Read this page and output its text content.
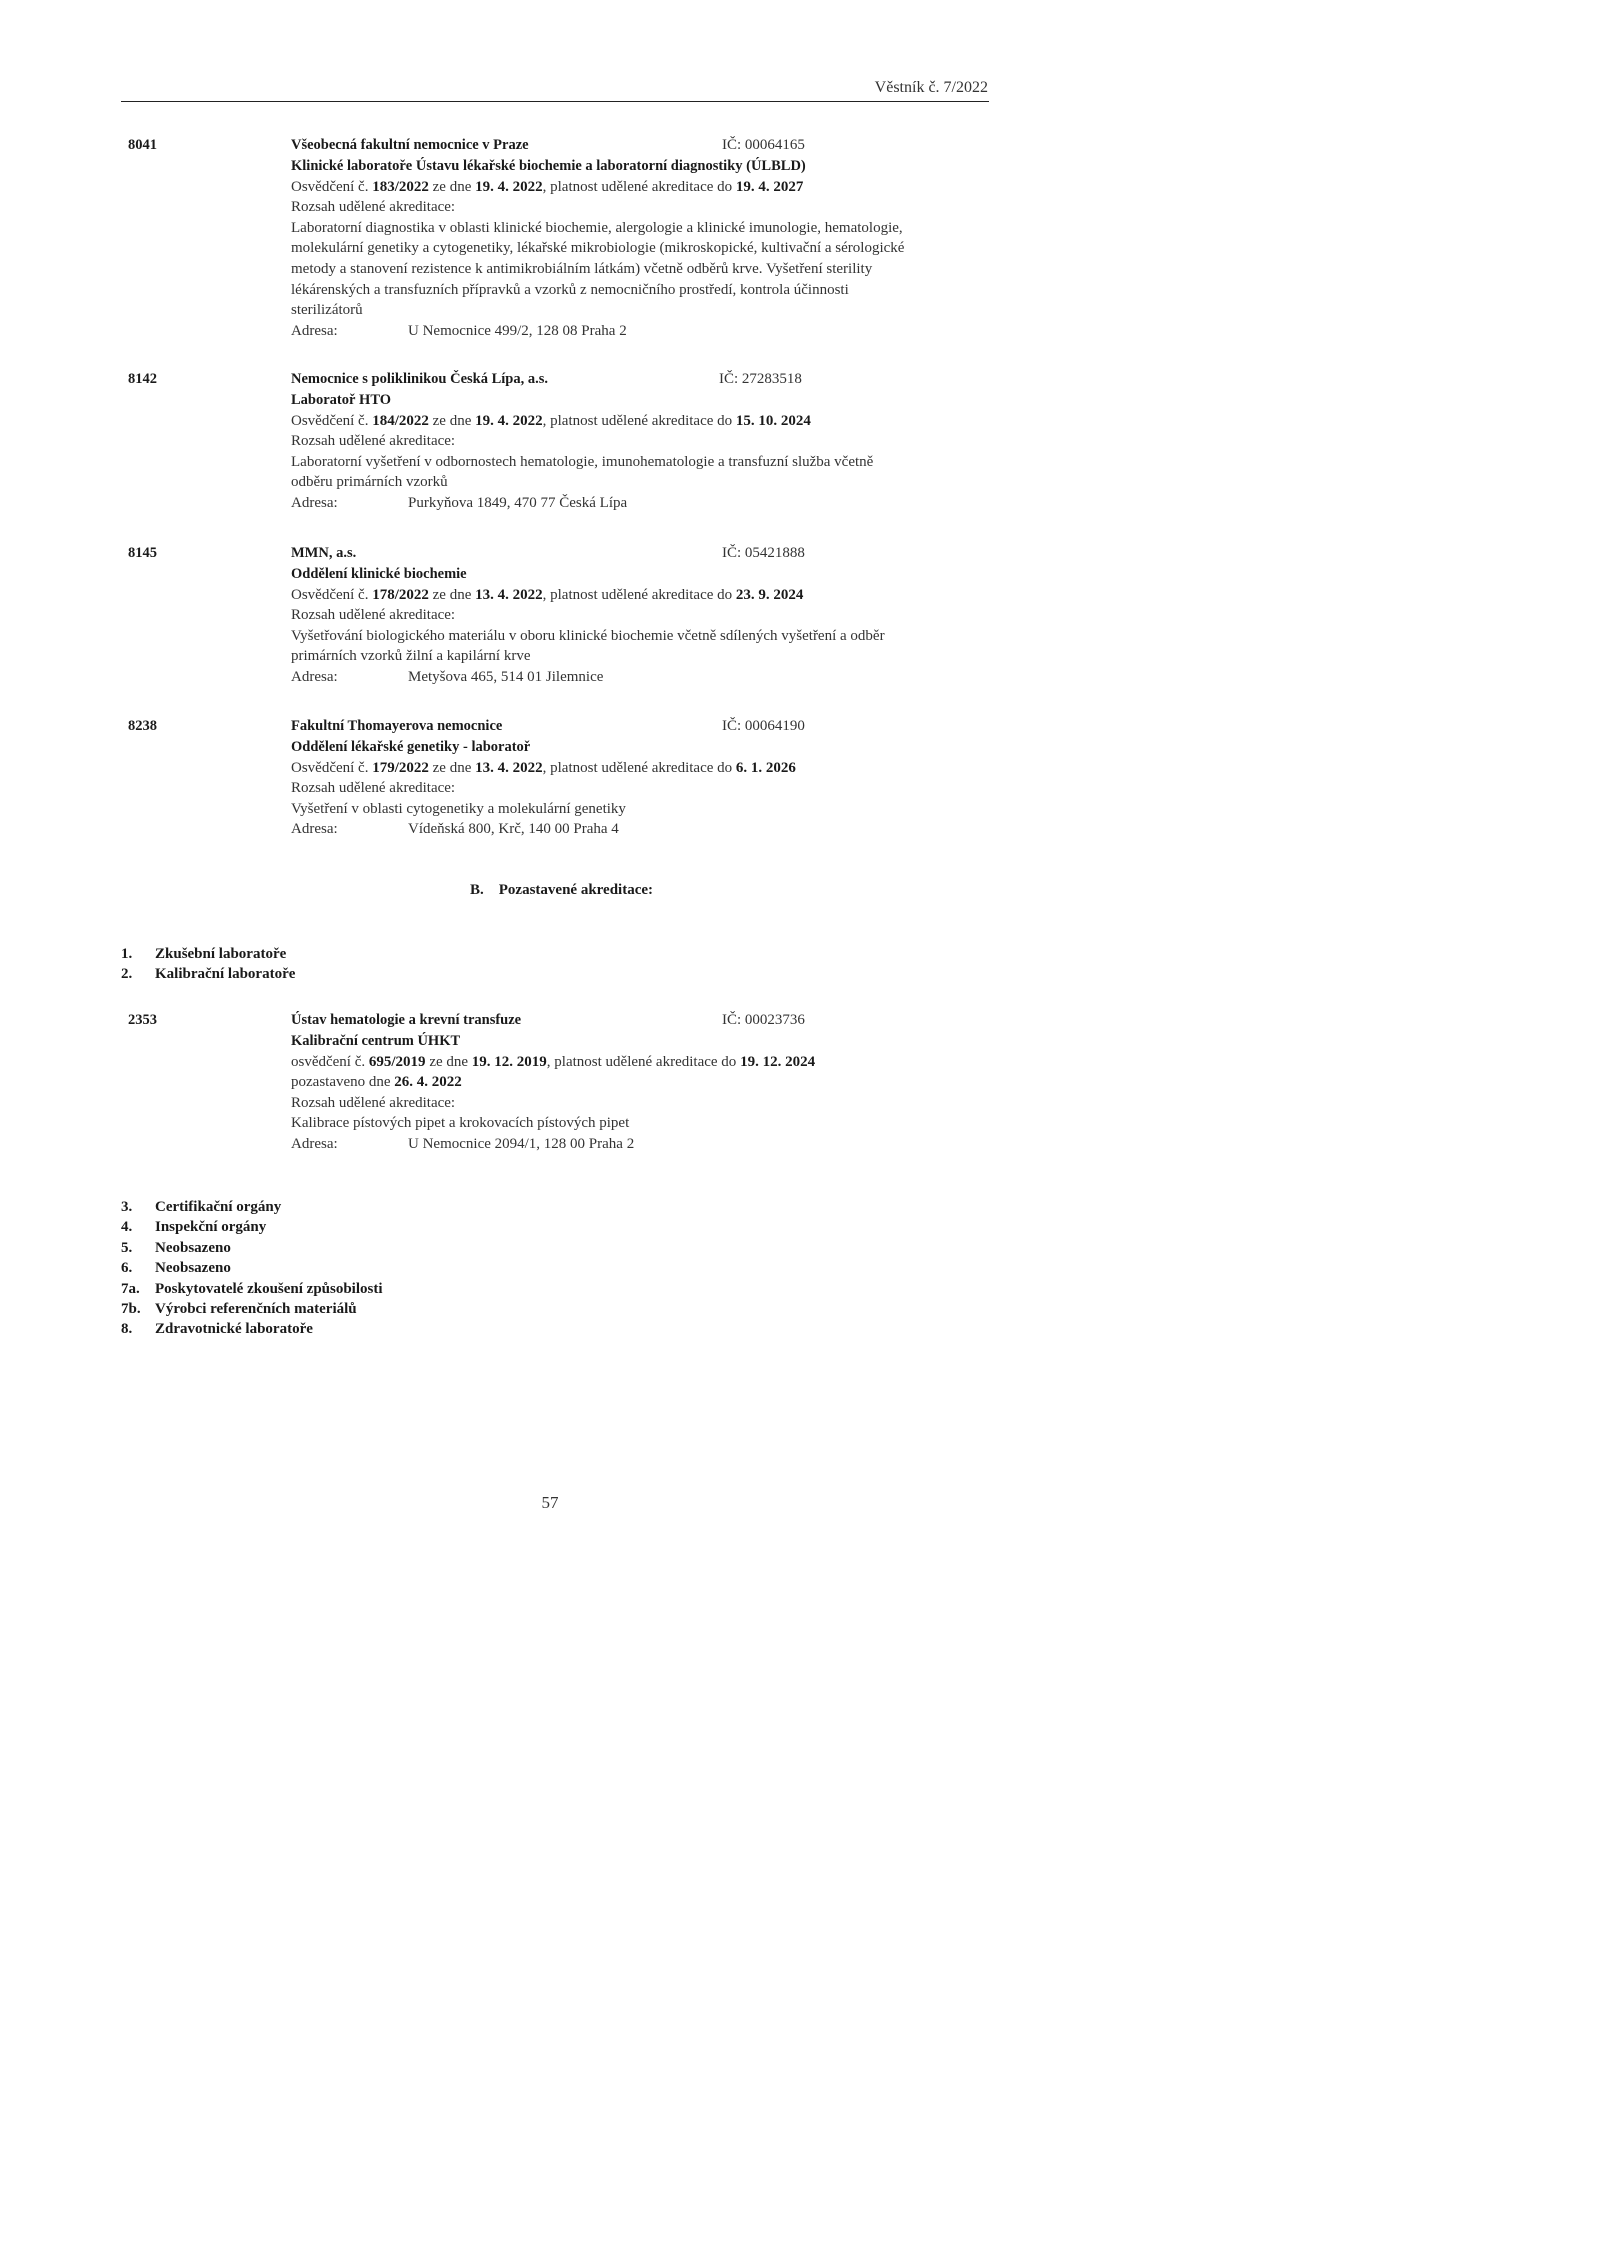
Věstník č. 7/2022
8041	Všeobecná fakultní nemocnice v Praze	IČ: 00064165
Klinické laboratoře Ústavu lékařské biochemie a laboratorní diagnostiky (ÚLBLD)
Osvědčení č. 183/2022 ze dne 19. 4. 2022, platnost udělené akreditace do 19. 4. 2027
Rozsah udělené akreditace:
Laboratorní diagnostika v oblasti klinické biochemie, alergologie a klinické imunologie, hematologie,
molekulární genetiky a cytogenetiky, lékařské mikrobiologie (mikroskopické, kultivační a sérologické
metody a stanovení rezistence k antimikrobiálním látkám) včetně odběrů krve. Vyšetření sterility
lékárenských a transfuzních přípravků a vzorků z nemocničního prostředí, kontrola účinnosti
sterilizátorů
Adresa:	U Nemocnice 499/2, 128 08 Praha 2
8142	Nemocnice s poliklinikou Česká Lípa, a.s.	IČ: 27283518
Laboratoř HTO
Osvědčení č. 184/2022 ze dne 19. 4. 2022, platnost udělené akreditace do 15. 10. 2024
Rozsah udělené akreditace:
Laboratorní vyšetření v odbornostech hematologie, imunohematologie a transfuzní služba včetně
odběru primárních vzorků
Adresa:	Purkyňova 1849, 470 77 Česká Lípa
8145	MMN, a.s.	IČ: 05421888
Oddělení klinické biochemie
Osvědčení č. 178/2022 ze dne 13. 4. 2022, platnost udělené akreditace do 23. 9. 2024
Rozsah udělené akreditace:
Vyšetřování biologického materiálu v oboru klinické biochemie včetně sdílených vyšetření a odběr
primárních vzorků žilní a kapilární krve
Adresa:	Metyšova 465, 514 01 Jilemnice
8238	Fakultní Thomayerova nemocnice	IČ: 00064190
Oddělení lékařské genetiky - laboratoř
Osvědčení č. 179/2022 ze dne 13. 4. 2022, platnost udělené akreditace do 6. 1. 2026
Rozsah udělené akreditace:
Vyšetření v oblasti cytogenetiky a molekulární genetiky
Adresa:	Vídeňská 800, Krč, 140 00 Praha 4
B. Pozastavené akreditace:
1.	Zkušební laboratoře
2.	Kalibrační laboratoře
2353	Ústav hematologie a krevní transfuze	IČ: 00023736
Kalibrační centrum ÚHKT
osvědčení č. 695/2019 ze dne 19. 12. 2019, platnost udělené akreditace do 19. 12. 2024
pozastaveno dne 26. 4. 2022
Rozsah udělené akreditace:
Kalibrace pístových pipet a krokovacích pístových pipet
Adresa:	U Nemocnice 2094/1, 128 00 Praha 2
3.	Certifikační orgány
4.	Inspekční orgány
5.	Neobsazeno
6.	Neobsazeno
7a.	Poskytovatelé zkoušení způsobilosti
7b. Výrobci referenčních materiálů
8.	Zdravotnické laboratoře
57
